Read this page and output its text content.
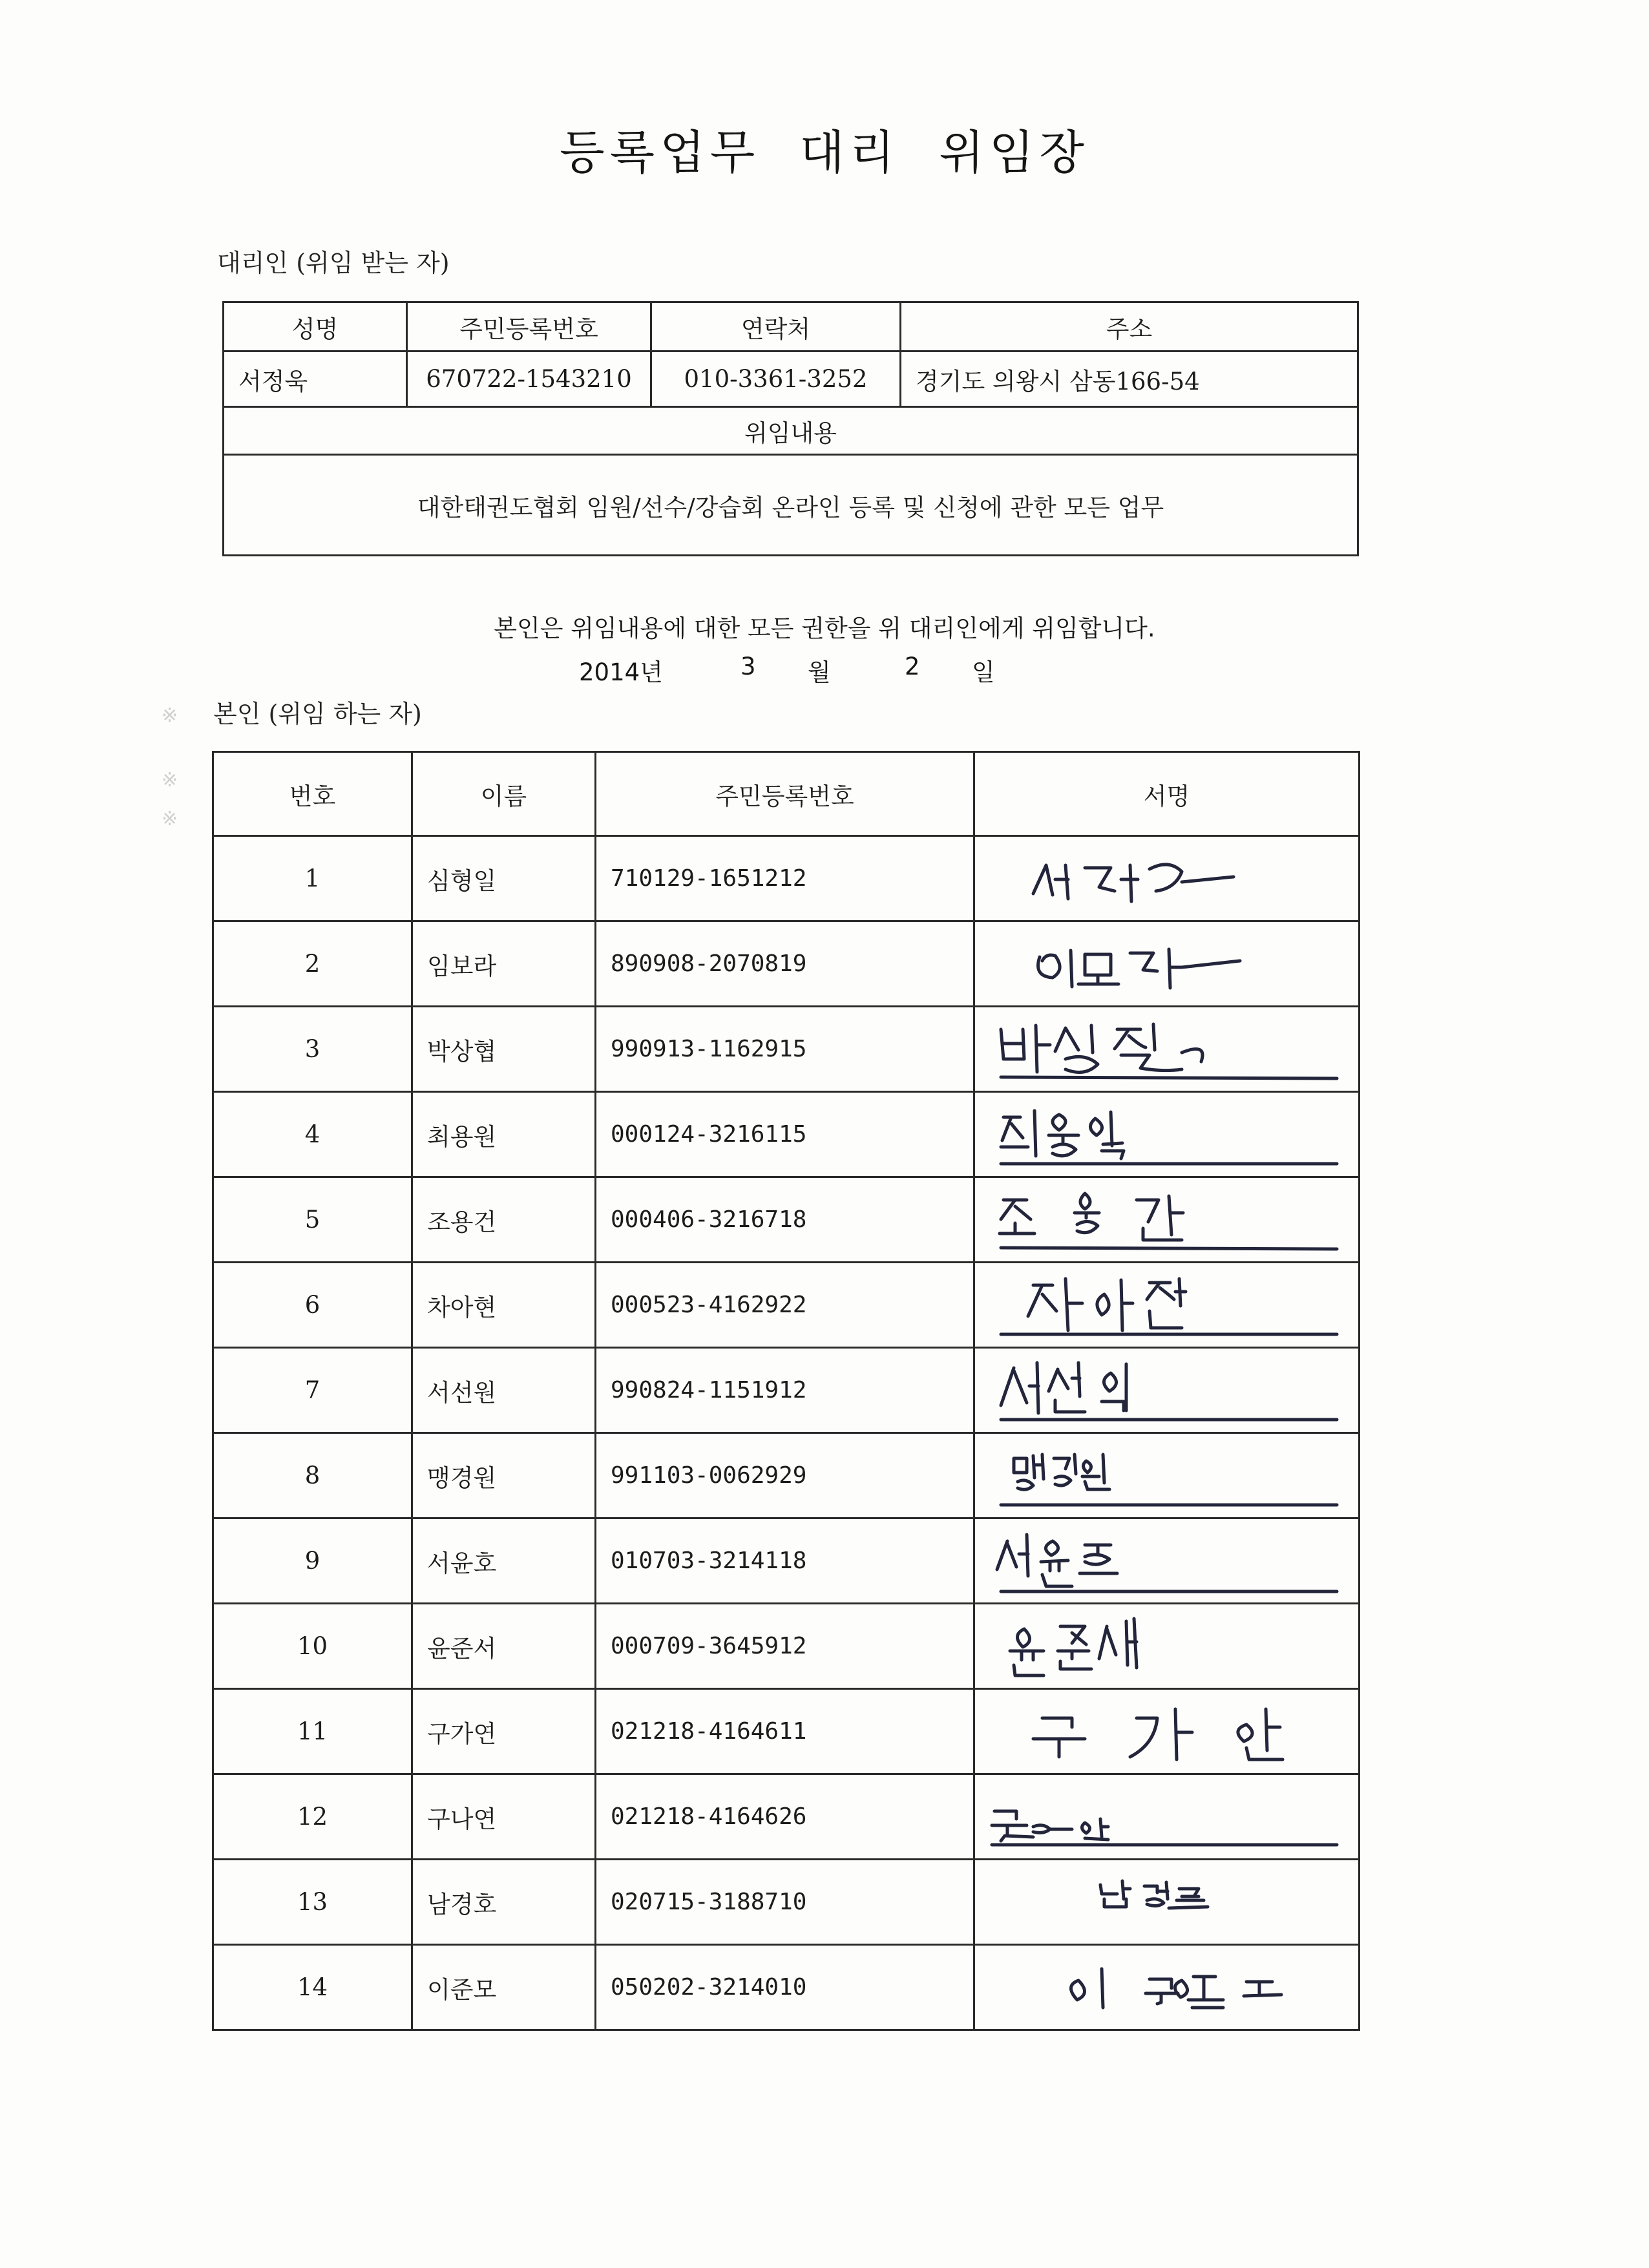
등록업무 대리 위임장
대리인 (위임 받는 자)
성명	주민등록번호	연락처	주소
서정욱	670722-1543210	010-3361-3252	경기도 의왕시 삼동166-54
위임내용			
대한태권도협회 임원/선수/강습회 온라인 등록 및 신청에 관한 모든 업무			
본인은 위임내용에 대한 모든 권한을 위 대리인에게 위임합니다.
2014년	3 월	2 일
본인 (위임 하는 자)
번호	이름	주민등록번호	서명
1	심형일	710129-1651212	

2	임보라	890908-2070819	

3	박상협	990913-1162915	

4	최용원	000124-3216115	

5	조용건	000406-3216718	

6	차아현	000523-4162922	

7	서선원	990824-1151912	

8	맹경원	991103-0062929	

9	서윤호	010703-3214118	

10	윤준서	000709-3645912	

11	구가연	021218-4164611	

12	구나연	021218-4164626	

13	남경호	020715-3188710	

14	이준모	050202-3214010	
※
※
※
